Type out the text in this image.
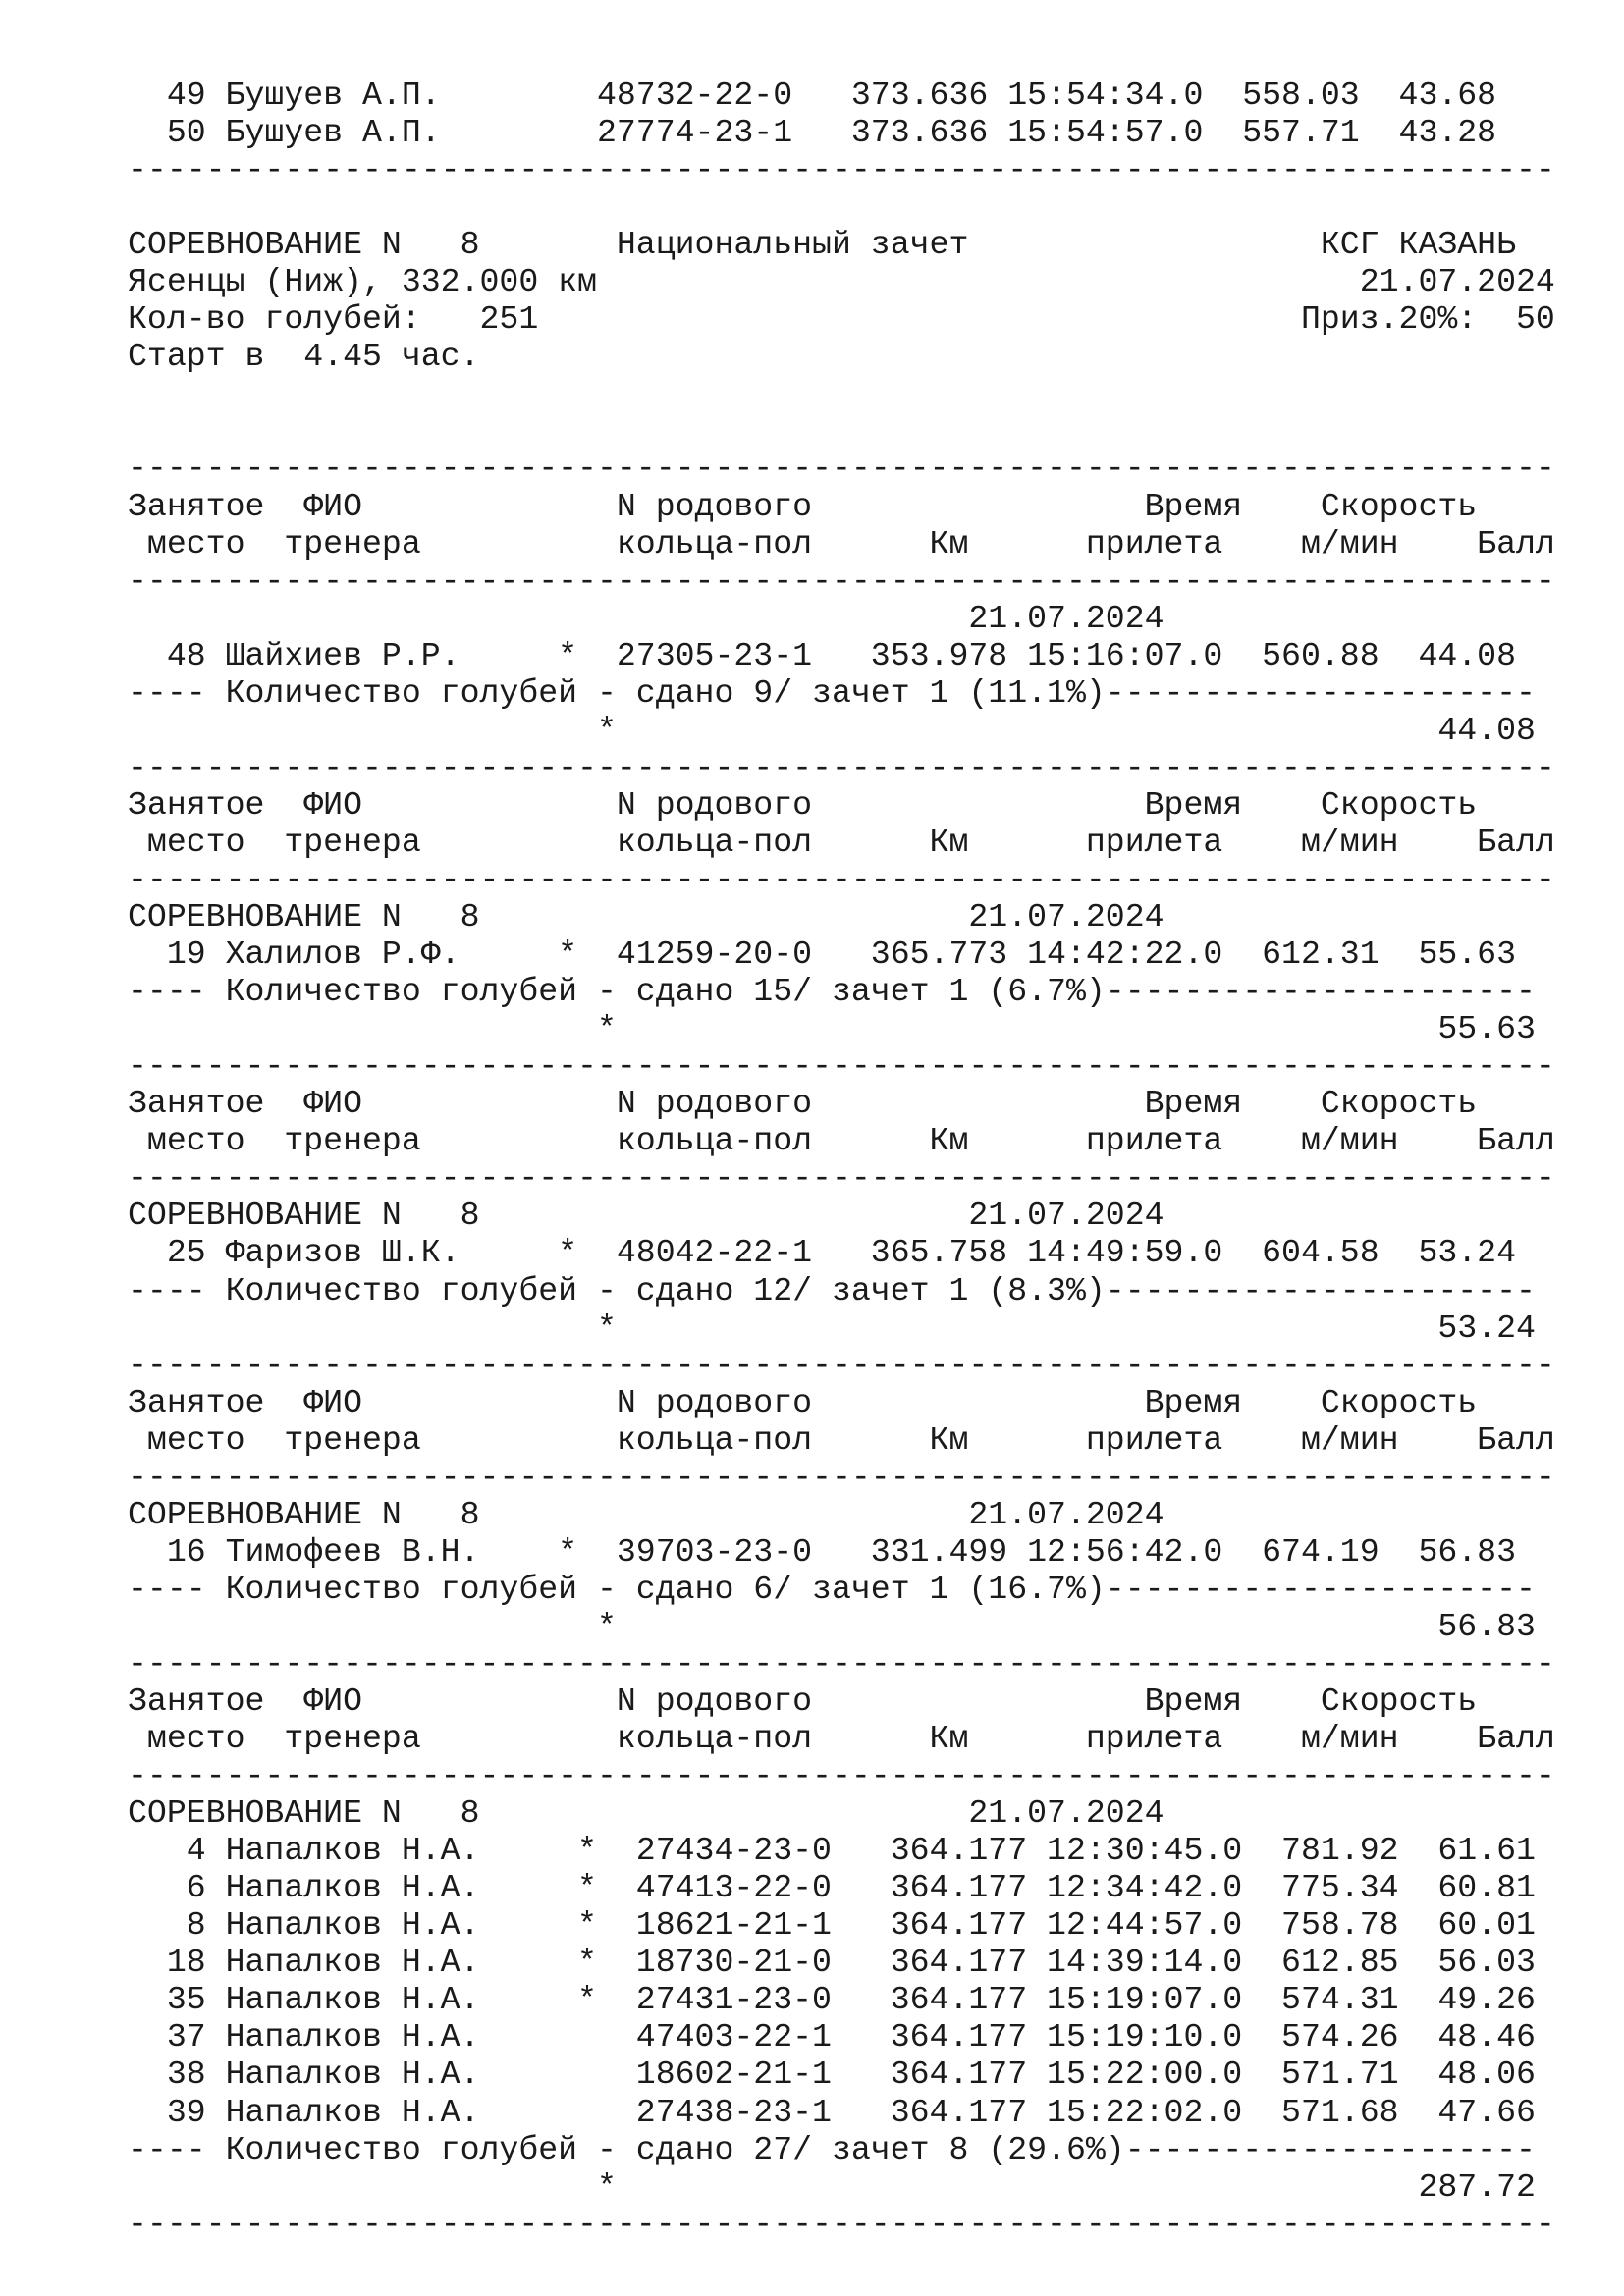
49 Бушуев А.П.        48732-22-0   373.636 15:54:34.0  558.03  43.68
50 Бушуев А.П.        27774-23-1   373.636 15:54:57.0  557.71  43.28
-------------------------------------------------------------------------
СОРЕВНОВАНИЕ N   8       Национальный зачет                  КСГ КАЗАНЬ
Ясенцы (Ниж), 332.000 км                                       21.07.2024
Кол-во голубей:   251                                       Приз.20%:  50
Старт в  4.45 час.
-------------------------------------------------------------------------
Занятое  ФИО             N родового                 Время    Скорость
место  тренера          кольца-пол      Км      прилета    м/мин    Балл
-------------------------------------------------------------------------
21.07.2024
48 Шайхиев Р.Р.     *  27305-23-1   353.978 15:16:07.0  560.88  44.08
---- Количество голубей - сдано 9/ зачет 1 (11.1%)----------------------
*                                          44.08
-------------------------------------------------------------------------
Занятое  ФИО             N родового                 Время    Скорость
место  тренера          кольца-пол      Км      прилета    м/мин    Балл
-------------------------------------------------------------------------
СОРЕВНОВАНИЕ N   8                         21.07.2024
19 Халилов Р.Ф.     *  41259-20-0   365.773 14:42:22.0  612.31  55.63
---- Количество голубей - сдано 15/ зачет 1 (6.7%)----------------------
*                                          55.63
-------------------------------------------------------------------------
Занятое  ФИО             N родового                 Время    Скорость
место  тренера          кольца-пол      Км      прилета    м/мин    Балл
-------------------------------------------------------------------------
СОРЕВНОВАНИЕ N   8                         21.07.2024
25 Фаризов Ш.К.     *  48042-22-1   365.758 14:49:59.0  604.58  53.24
---- Количество голубей - сдано 12/ зачет 1 (8.3%)----------------------
*                                          53.24
-------------------------------------------------------------------------
Занятое  ФИО             N родового                 Время    Скорость
место  тренера          кольца-пол      Км      прилета    м/мин    Балл
-------------------------------------------------------------------------
СОРЕВНОВАНИЕ N   8                         21.07.2024
16 Тимофеев В.Н.    *  39703-23-0   331.499 12:56:42.0  674.19  56.83
---- Количество голубей - сдано 6/ зачет 1 (16.7%)----------------------
*                                          56.83
-------------------------------------------------------------------------
Занятое  ФИО             N родового                 Время    Скорость
место  тренера          кольца-пол      Км      прилета    м/мин    Балл
-------------------------------------------------------------------------
СОРЕВНОВАНИЕ N   8                         21.07.2024
4 Напалков Н.А.     *  27434-23-0   364.177 12:30:45.0  781.92  61.61
6 Напалков Н.А.     *  47413-22-0   364.177 12:34:42.0  775.34  60.81
8 Напалков Н.А.     *  18621-21-1   364.177 12:44:57.0  758.78  60.01
18 Напалков Н.А.     *  18730-21-0   364.177 14:39:14.0  612.85  56.03
35 Напалков Н.А.     *  27431-23-0   364.177 15:19:07.0  574.31  49.26
37 Напалков Н.А.        47403-22-1   364.177 15:19:10.0  574.26  48.46
38 Напалков Н.А.        18602-21-1   364.177 15:22:00.0  571.71  48.06
39 Напалков Н.А.        27438-23-1   364.177 15:22:02.0  571.68  47.66
---- Количество голубей - сдано 27/ зачет 8 (29.6%)---------------------
*                                         287.72
-------------------------------------------------------------------------
